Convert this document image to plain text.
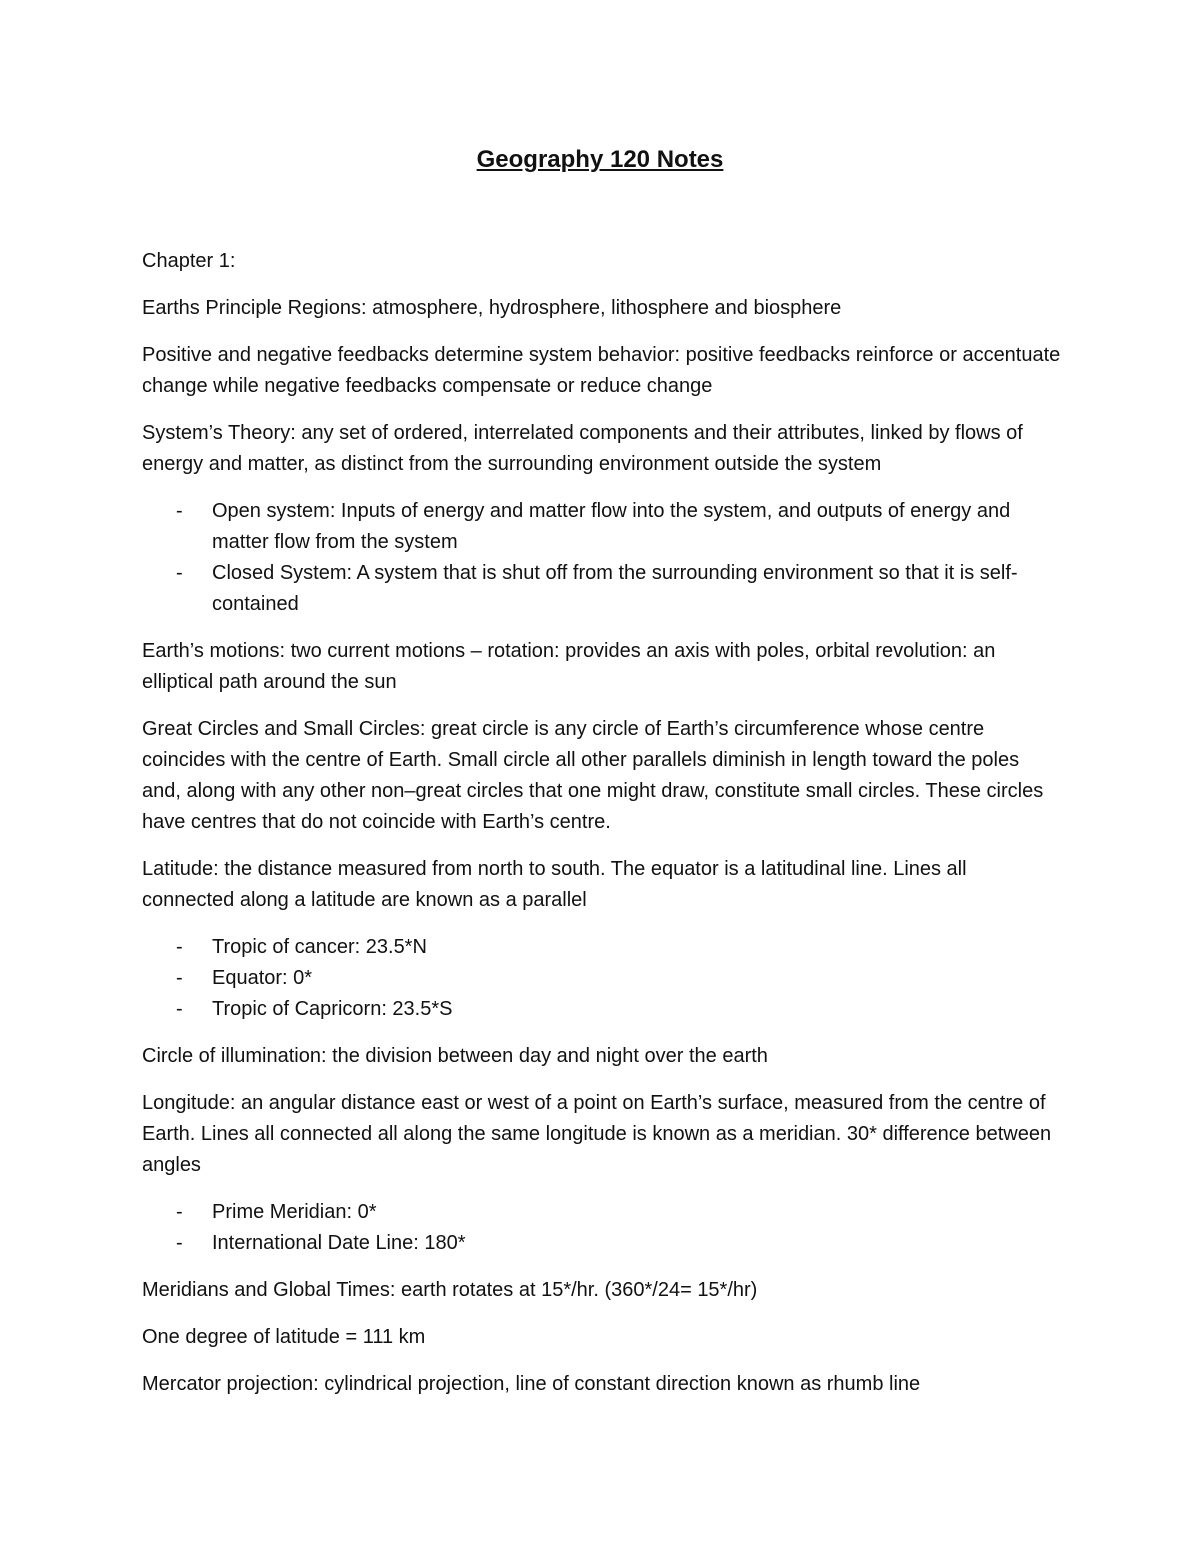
Geography 120 Notes

Chapter 1:

Earths Principle Regions: atmosphere, hydrosphere, lithosphere and biosphere

Positive and negative feedbacks determine system behavior: positive feedbacks reinforce or accentuate change while negative feedbacks compensate or reduce change

System’s Theory: any set of ordered, interrelated components and their attributes, linked by flows of energy and matter, as distinct from the surrounding environment outside the system

- Open system: Inputs of energy and matter flow into the system, and outputs of energy and matter flow from the system
- Closed System: A system that is shut off from the surrounding environment so that it is self-contained

Earth’s motions: two current motions – rotation: provides an axis with poles, orbital revolution: an elliptical path around the sun

Great Circles and Small Circles: great circle is any circle of Earth’s circumference whose centre coincides with the centre of Earth. Small circle all other parallels diminish in length toward the poles and, along with any other non–great circles that one might draw, constitute small circles. These circles have centres that do not coincide with Earth’s centre.

Latitude: the distance measured from north to south. The equator is a latitudinal line. Lines all connected along a latitude are known as a parallel

- Tropic of cancer: 23.5*N
- Equator: 0*
- Tropic of Capricorn: 23.5*S

Circle of illumination: the division between day and night over the earth

Longitude: an angular distance east or west of a point on Earth’s surface, measured from the centre of Earth. Lines all connected all along the same longitude is known as a meridian. 30* difference between angles

- Prime Meridian: 0*
- International Date Line: 180*

Meridians and Global Times: earth rotates at 15*/hr. (360*/24= 15*/hr)

One degree of latitude = 111 km

Mercator projection: cylindrical projection, line of constant direction known as rhumb line
